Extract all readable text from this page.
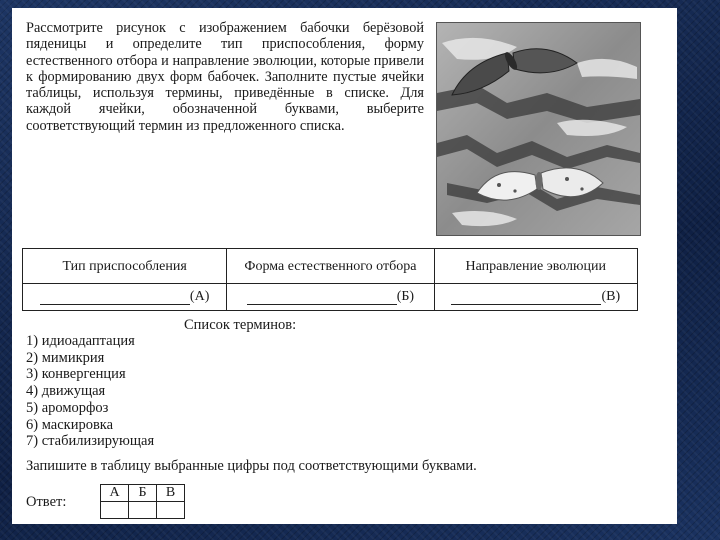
Рассмотрите рисунок с изображением бабочки берёзовой пяденицы и определите тип приспособления, форму естественного отбора и направление эволюции, которые привели к формированию двух форм бабочек. Заполните пустые ячейки таблицы, используя термины, приведённые в списке. Для каждой ячейки, обозначенной буквами, выберите соответствующий термин из предложенного списка.
Тип приспособления	Форма естественного отбора	Направление эволюции
(А)	(Б)	(В)
Список терминов:
1) идиоадаптация
2) мимикрия
3) конвергенция
4) движущая
5) ароморфоз
6) маскировка
7) стабилизирующая
Запишите в таблицу выбранные цифры под соответствующими буквами.
Ответ:
А	Б	В
